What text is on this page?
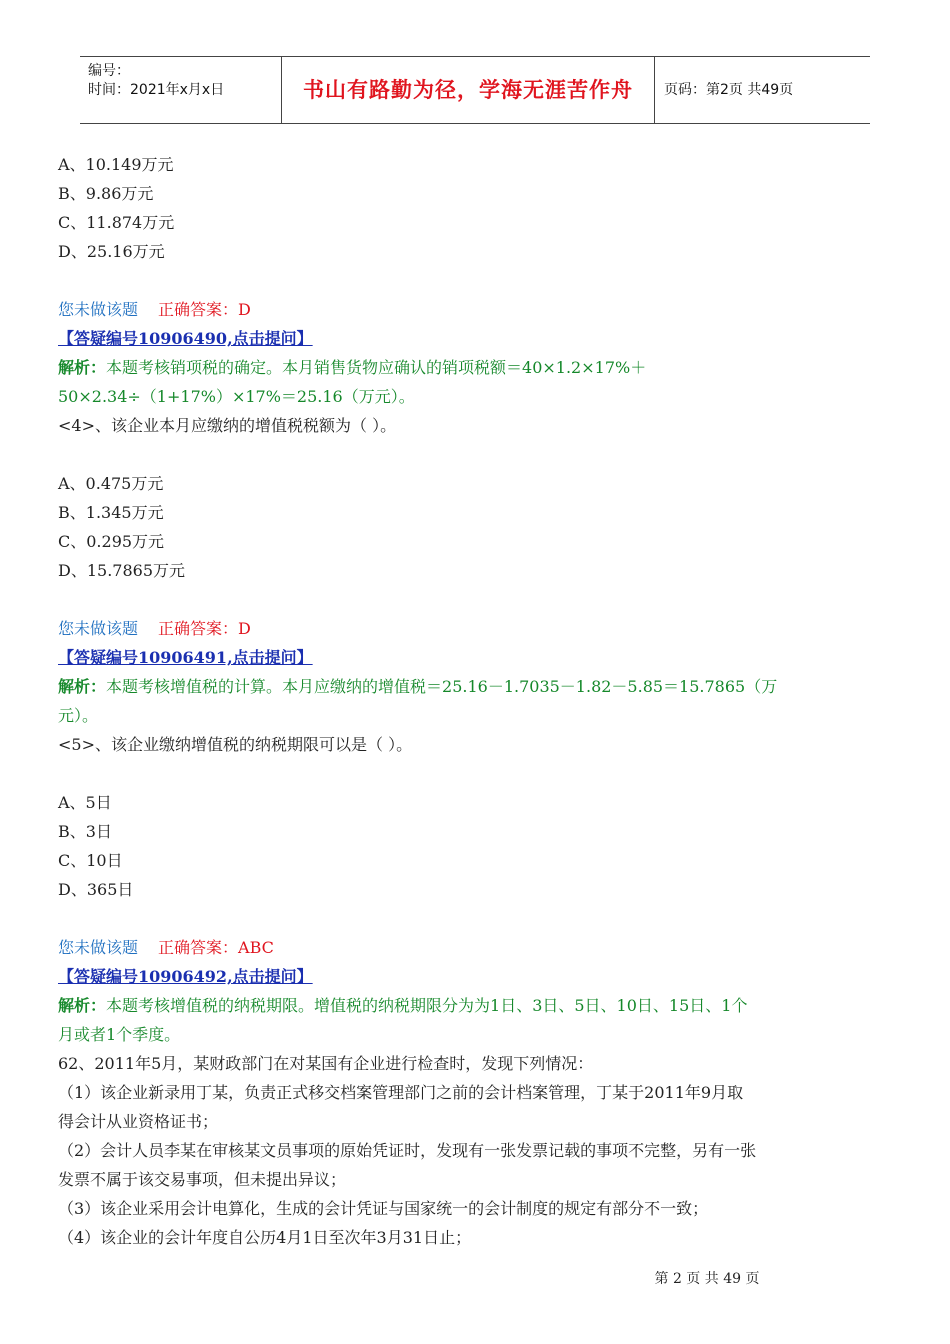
编号：
时间：2021年x月x日	书山有路勤为径，学海无涯苦作舟	页码：第2页 共49页
A、10.149万元
B、9.86万元
C、11.874万元
D、25.16万元
您未做该题 正确答案：D
【答疑编号10906490,点击提问】
解析：本题考核销项税的确定。本月销售货物应确认的销项税额＝40×1.2×17%＋
50×2.34÷（1+17%）×17%＝25.16（万元）。
<4>、该企业本月应缴纳的增值税税额为（ ）。
A、0.475万元
B、1.345万元
C、0.295万元
D、15.7865万元
您未做该题 正确答案：D
【答疑编号10906491,点击提问】
解析：本题考核增值税的计算。本月应缴纳的增值税＝25.16－1.7035－1.82－5.85＝15.7865（万
元）。
<5>、该企业缴纳增值税的纳税期限可以是（ ）。
A、5日
B、3日
C、10日
D、365日
您未做该题 正确答案：ABC
【答疑编号10906492,点击提问】
解析：本题考核增值税的纳税期限。增值税的纳税期限分为为1日、3日、5日、10日、15日、1个
月或者1个季度。
62、2011年5月，某财政部门在对某国有企业进行检查时，发现下列情况：
（1）该企业新录用丁某，负责正式移交档案管理部门之前的会计档案管理，丁某于2011年9月取
得会计从业资格证书；
（2）会计人员李某在审核某文员事项的原始凭证时，发现有一张发票记载的事项不完整，另有一张
发票不属于该交易事项，但未提出异议；
（3）该企业采用会计电算化，生成的会计凭证与国家统一的会计制度的规定有部分不一致；
（4）该企业的会计年度自公历4月1日至次年3月31日止；
第 2 页 共 49 页
